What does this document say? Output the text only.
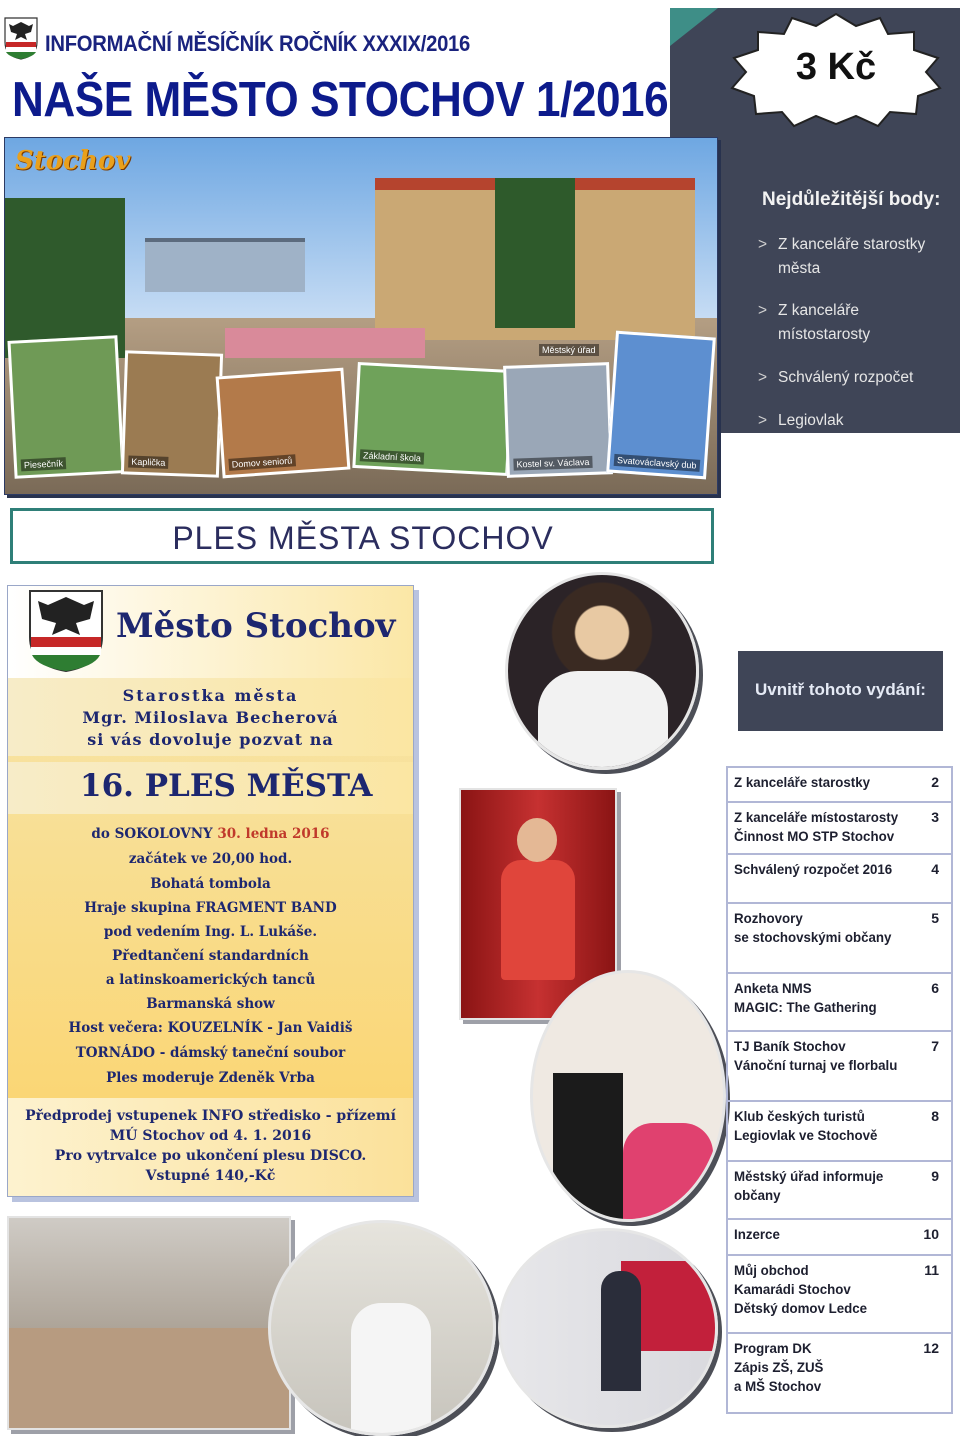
INFORMAČNÍ MĚSÍČNÍK ROČNÍK XXXIX/2016
NAŠE MĚSTO STOCHOV 1/2016
3 Kč
Nejdůležitější body:
> Z kanceláře starostky města
> Z kanceláře místostarosty
> Schválený rozpočet
> Legiovlak
Piesečník	Kaplička	Domov seniorů	Základní škola	Kostel sv. Václava	Svatováclavský dub
Městský úřad
Stochov
PLES MĚSTA STOCHOV
Město Stochov
Starostka města
Mgr. Miloslava Becherová
si vás dovoluje pozvat na
16. PLES MĚSTA
do SOKOLOVNY 30. ledna 2016
začátek ve 20,00 hod.
Bohatá tombola
Hraje skupina FRAGMENT BAND
pod vedením Ing. L. Lukáše.
Předtančení standardních
a latinskoamerických tanců
Barmanská show
Host večera: KOUZELNÍK - Jan Vaidiš
TORNÁDO - dámský taneční soubor
Ples moderuje Zdeněk Vrba
Předprodej vstupenek INFO středisko - přízemí
MÚ Stochov od 4. 1. 2016
Pro vytrvalce po ukončení plesu DISCO.
Vstupné 140,-Kč
Uvnitř tohoto vydání:
Z kanceláře starostky	2
Z kanceláře místostarosty
Činnost MO STP Stochov
3
Schválený rozpočet 2016	4
Rozhovory
se stochovskými občany
5
Anketa NMS
MAGIC: The Gathering
6
TJ Baník Stochov
Vánoční turnaj ve florbalu
7
Klub českých turistů
Legiovlak ve Stochově
8
Městský úřad informuje
občany
9
Inzerce	10
Můj obchod
Kamarádi Stochov
Dětský domov Ledce
11
Program DK
Zápis ZŠ, ZUŠ
a MŠ Stochov
12
